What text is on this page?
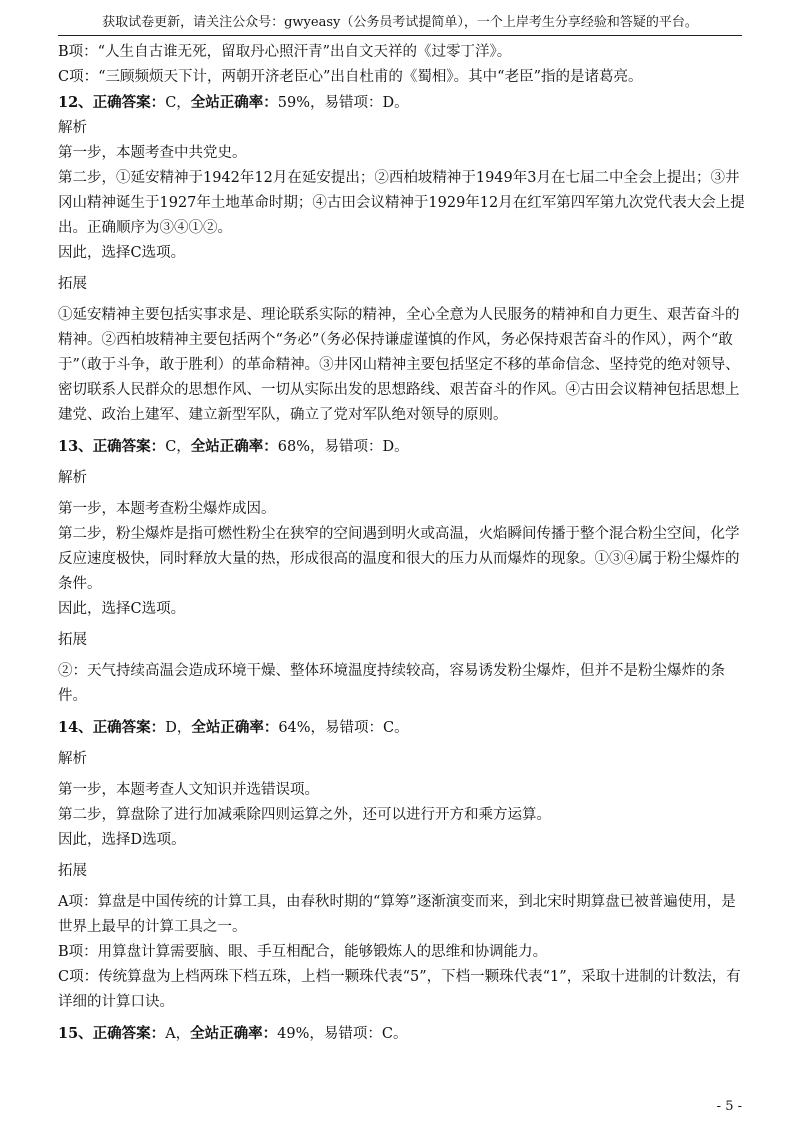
获取试卷更新，请关注公众号：gwyeasy（公务员考试提简单），一个上岸考生分享经验和答疑的平台。

B项：“人生自古谁无死，留取丹心照汗青”出自文天祥的《过零丁洋》。

C项：“三顾频烦天下计，两朝开济老臣心”出自杜甫的《蜀相》。其中“老臣”指的是诸葛亮。

12、正确答案：C，全站正确率：59%，易错项：D。

解析

第一步，本题考查中共党史。

第二步，①延安精神于1942年12月在延安提出；②西柏坡精神于1949年3月在七届二中全会上提出；③井冈山精神诞生于1927年土地革命时期；④古田会议精神于1929年12月在红军第四军第九次党代表大会上提出。正确顺序为③④①②。

因此，选择C选项。

拓展

①延安精神主要包括实事求是、理论联系实际的精神，全心全意为人民服务的精神和自力更生、艰苦奋斗的精神。②西柏坡精神主要包括两个“务必”（务必保持谦虚谨慎的作风，务必保持艰苦奋斗的作风），两个“敢于”（敢于斗争，敢于胜利）的革命精神。③井冈山精神主要包括坚定不移的革命信念、坚持党的绝对领导、密切联系人民群众的思想作风、一切从实际出发的思想路线、艰苦奋斗的作风。④古田会议精神包括思想上建党、政治上建军、建立新型军队，确立了党对军队绝对领导的原则。

13、正确答案：C，全站正确率：68%，易错项：D。

解析

第一步，本题考查粉尘爆炸成因。

第二步，粉尘爆炸是指可燃性粉尘在狭窄的空间遇到明火或高温，火焰瞬间传播于整个混合粉尘空间，化学反应速度极快，同时释放大量的热，形成很高的温度和很大的压力从而爆炸的现象。①③④属于粉尘爆炸的条件。

因此，选择C选项。

拓展

②：天气持续高温会造成环境干燥、整体环境温度持续较高，容易诱发粉尘爆炸，但并不是粉尘爆炸的条件。

14、正确答案：D，全站正确率：64%，易错项：C。

解析

第一步，本题考查人文知识并选错误项。

第二步，算盘除了进行加减乘除四则运算之外，还可以进行开方和乘方运算。

因此，选择D选项。

拓展

A项：算盘是中国传统的计算工具，由春秋时期的“算筹”逐渐演变而来，到北宋时期算盘已被普遍使用，是世界上最早的计算工具之一。

B项：用算盘计算需要脑、眼、手互相配合，能够锻炼人的思维和协调能力。

C项：传统算盘为上档两珠下档五珠，上档一颗珠代表“5”，下档一颗珠代表“1”，采取十进制的计数法，有详细的计算口诀。

15、正确答案：A，全站正确率：49%，易错项：C。

- 5 -
